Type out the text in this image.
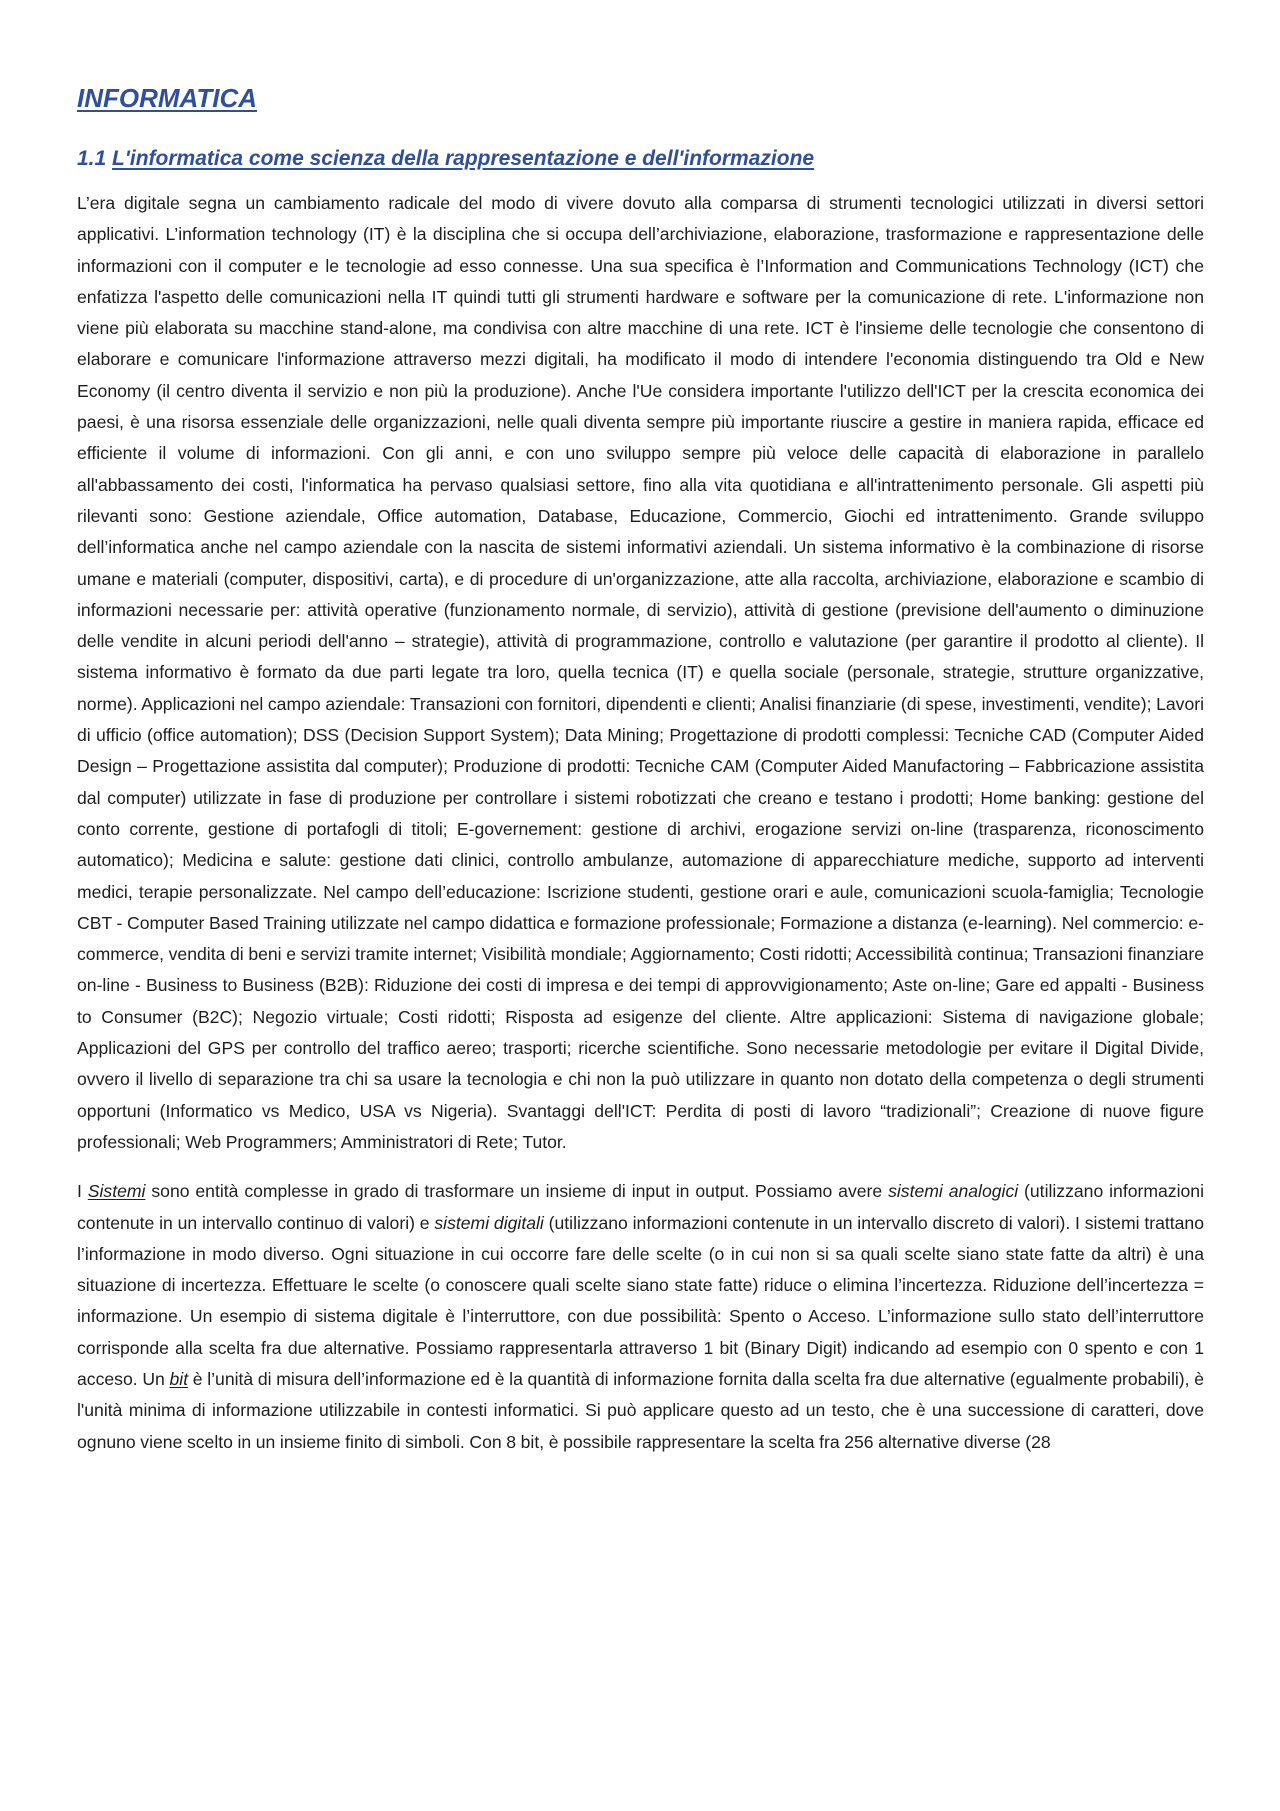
INFORMATICA
1.1 L'informatica come scienza della rappresentazione e dell'informazione

L’era digitale segna un cambiamento radicale del modo di vivere dovuto alla comparsa di strumenti tecnologici utilizzati in diversi settori applicativi. L’information technology (IT) è la disciplina che si occupa dell’archiviazione, elaborazione, trasformazione e rappresentazione delle informazioni con il computer e le tecnologie ad esso connesse. Una sua specifica è l’Information and Communications Technology (ICT) che enfatizza l'aspetto delle comunicazioni nella IT quindi tutti gli strumenti hardware e software per la comunicazione di rete. L'informazione non viene più elaborata su macchine stand-alone, ma condivisa con altre macchine di una rete. ICT è l'insieme delle tecnologie che consentono di elaborare e comunicare l'informazione attraverso mezzi digitali, ha modificato il modo di intendere l'economia distinguendo tra Old e New Economy (il centro diventa il servizio e non più la produzione). Anche l'Ue considera importante l'utilizzo dell'ICT per la crescita economica dei paesi, è una risorsa essenziale delle organizzazioni, nelle quali diventa sempre più importante riuscire a gestire in maniera rapida, efficace ed efficiente il volume di informazioni. Con gli anni, e con uno sviluppo sempre più veloce delle capacità di elaborazione in parallelo all'abbassamento dei costi, l'informatica ha pervaso qualsiasi settore, fino alla vita quotidiana e all'intrattenimento personale. Gli aspetti più rilevanti sono: Gestione aziendale, Office automation, Database, Educazione, Commercio, Giochi ed intrattenimento. Grande sviluppo dell’informatica anche nel campo aziendale con la nascita de sistemi informativi aziendali. Un sistema informativo è la combinazione di risorse umane e materiali (computer, dispositivi, carta), e di procedure di un'organizzazione, atte alla raccolta, archiviazione, elaborazione e scambio di informazioni necessarie per: attività operative (funzionamento normale, di servizio), attività di gestione (previsione dell'aumento o diminuzione delle vendite in alcuni periodi dell'anno – strategie), attività di programmazione, controllo e valutazione (per garantire il prodotto al cliente). Il sistema informativo è formato da due parti legate tra loro, quella tecnica (IT) e quella sociale (personale, strategie, strutture organizzative, norme). Applicazioni nel campo aziendale: Transazioni con fornitori, dipendenti e clienti; Analisi finanziarie (di spese, investimenti, vendite); Lavori di ufficio (office automation); DSS (Decision Support System); Data Mining; Progettazione di prodotti complessi: Tecniche CAD (Computer Aided Design – Progettazione assistita dal computer); Produzione di prodotti: Tecniche CAM (Computer Aided Manufactoring – Fabbricazione assistita dal computer) utilizzate in fase di produzione per controllare i sistemi robotizzati che creano e testano i prodotti; Home banking: gestione del conto corrente, gestione di portafogli di titoli; E-governement: gestione di archivi, erogazione servizi on-line (trasparenza, riconoscimento automatico); Medicina e salute: gestione dati clinici, controllo ambulanze, automazione di apparecchiature mediche, supporto ad interventi medici, terapie personalizzate. Nel campo dell’educazione: Iscrizione studenti, gestione orari e aule, comunicazioni scuola-famiglia; Tecnologie CBT - Computer Based Training utilizzate nel campo didattica e formazione professionale; Formazione a distanza (e-learning). Nel commercio: e-commerce, vendita di beni e servizi tramite internet; Visibilità mondiale; Aggiornamento; Costi ridotti; Accessibilità continua; Transazioni finanziare on-line - Business to Business (B2B): Riduzione dei costi di impresa e dei tempi di approvvigionamento; Aste on-line; Gare ed appalti - Business to Consumer (B2C); Negozio virtuale; Costi ridotti; Risposta ad esigenze del cliente. Altre applicazioni: Sistema di navigazione globale; Applicazioni del GPS per controllo del traffico aereo; trasporti; ricerche scientifiche. Sono necessarie metodologie per evitare il Digital Divide, ovvero il livello di separazione tra chi sa usare la tecnologia e chi non la può utilizzare in quanto non dotato della competenza o degli strumenti opportuni (Informatico vs Medico, USA vs Nigeria). Svantaggi dell'ICT: Perdita di posti di lavoro “tradizionali”; Creazione di nuove figure professionali; Web Programmers; Amministratori di Rete; Tutor.

I Sistemi sono entità complesse in grado di trasformare un insieme di input in output. Possiamo avere sistemi analogici (utilizzano informazioni contenute in un intervallo continuo di valori) e sistemi digitali (utilizzano informazioni contenute in un intervallo discreto di valori). I sistemi trattano l’informazione in modo diverso. Ogni situazione in cui occorre fare delle scelte (o in cui non si sa quali scelte siano state fatte da altri) è una situazione di incertezza. Effettuare le scelte (o conoscere quali scelte siano state fatte) riduce o elimina l’incertezza. Riduzione dell’incertezza = informazione. Un esempio di sistema digitale è l’interruttore, con due possibilità: Spento o Acceso. L’informazione sullo stato dell’interruttore corrisponde alla scelta fra due alternative. Possiamo rappresentarla attraverso 1 bit (Binary Digit) indicando ad esempio con 0 spento e con 1 acceso. Un bit è l’unità di misura dell’informazione ed è la quantità di informazione fornita dalla scelta fra due alternative (egualmente probabili), è l'unità minima di informazione utilizzabile in contesti informatici. Si può applicare questo ad un testo, che è una successione di caratteri, dove ognuno viene scelto in un insieme finito di simboli. Con 8 bit, è possibile rappresentare la scelta fra 256 alternative diverse (28
